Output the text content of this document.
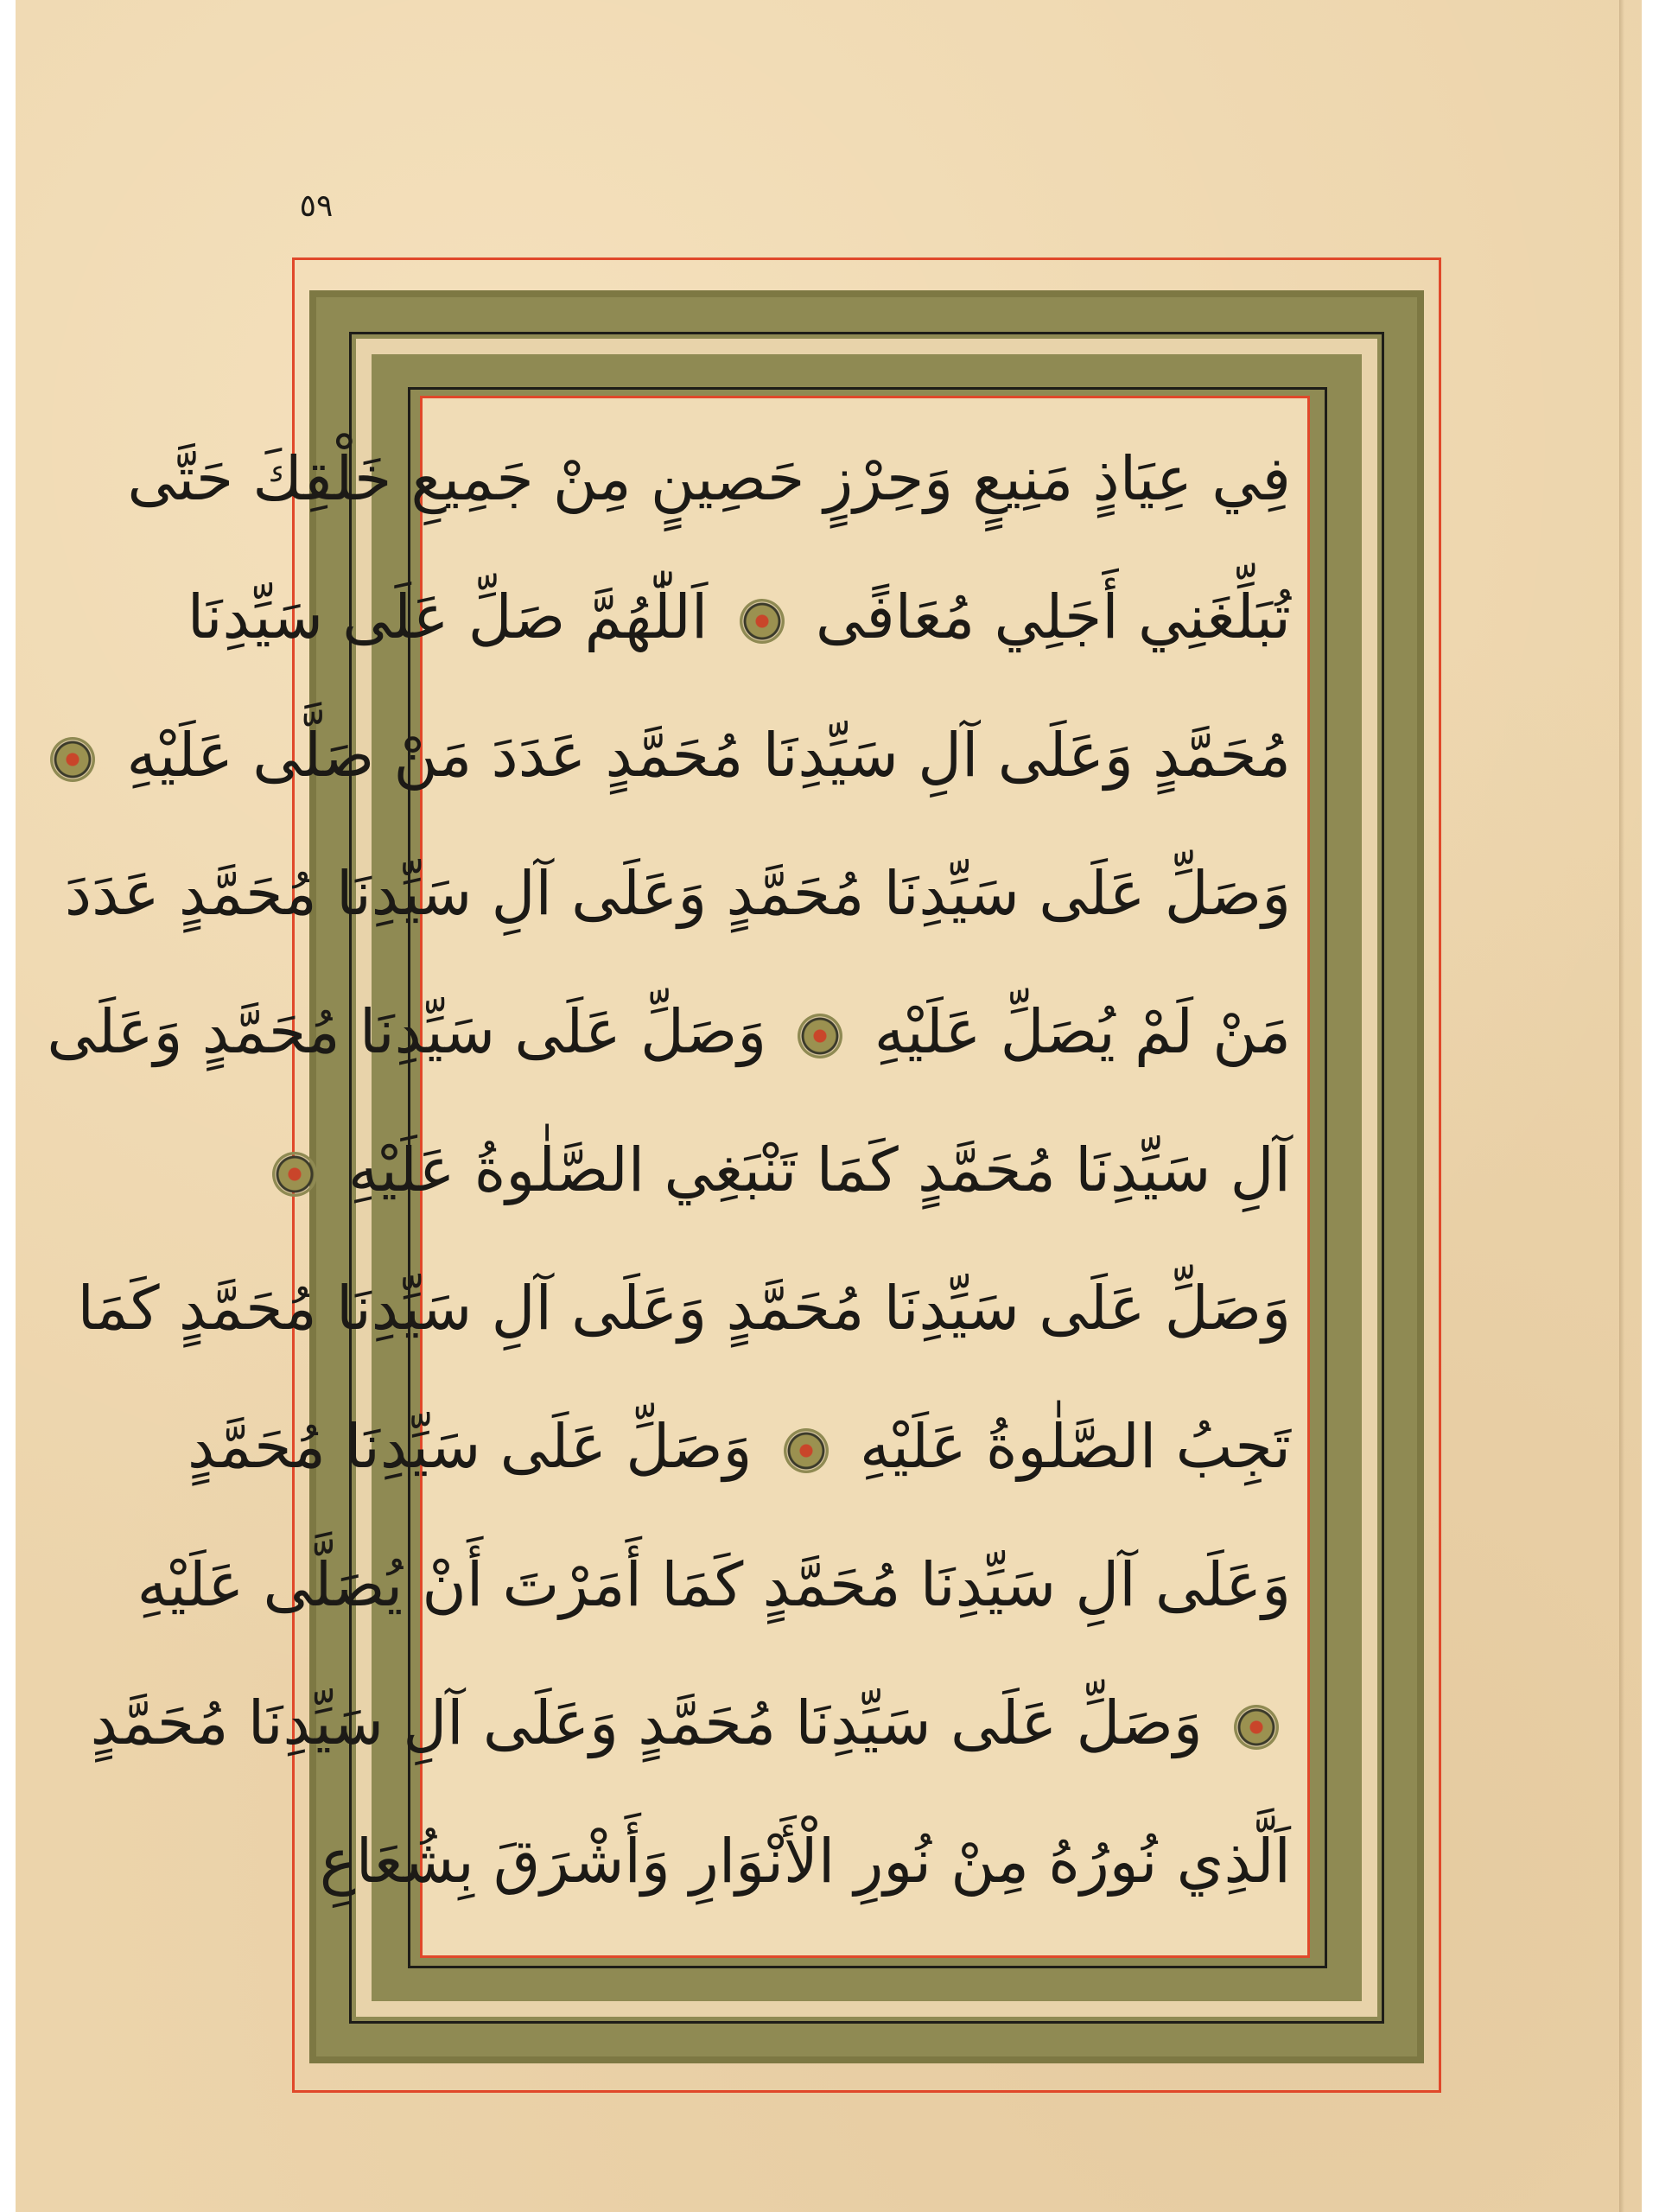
٥٩
فِي عِيَاذٍ مَنِيعٍ وَحِرْزٍ حَصِينٍ مِنْ جَمِيعِ خَلْقِكَ حَتَّى
تُبَلِّغَنِي أَجَلِي مُعَافًى  اَللّٰهُمَّ صَلِّ عَلَى سَيِّدِنَا
مُحَمَّدٍ وَعَلَى آلِ سَيِّدِنَا مُحَمَّدٍ عَدَدَ مَنْ صَلَّى عَلَيْهِ
وَصَلِّ عَلَى سَيِّدِنَا مُحَمَّدٍ وَعَلَى آلِ سَيِّدِنَا مُحَمَّدٍ عَدَدَ
مَنْ لَمْ يُصَلِّ عَلَيْهِ  وَصَلِّ عَلَى سَيِّدِنَا مُحَمَّدٍ وَعَلَى
آلِ سَيِّدِنَا مُحَمَّدٍ كَمَا تَنْبَغِي الصَّلٰوةُ عَلَيْهِ
وَصَلِّ عَلَى سَيِّدِنَا مُحَمَّدٍ وَعَلَى آلِ سَيِّدِنَا مُحَمَّدٍ كَمَا
تَجِبُ الصَّلٰوةُ عَلَيْهِ  وَصَلِّ عَلَى سَيِّدِنَا مُحَمَّدٍ
وَعَلَى آلِ سَيِّدِنَا مُحَمَّدٍ كَمَا أَمَرْتَ أَنْ يُصَلَّى عَلَيْهِ
وَصَلِّ عَلَى سَيِّدِنَا مُحَمَّدٍ وَعَلَى آلِ سَيِّدِنَا مُحَمَّدٍ
اَلَّذِي نُورُهُ مِنْ نُورِ الْأَنْوَارِ وَأَشْرَقَ بِشُعَاعِ
